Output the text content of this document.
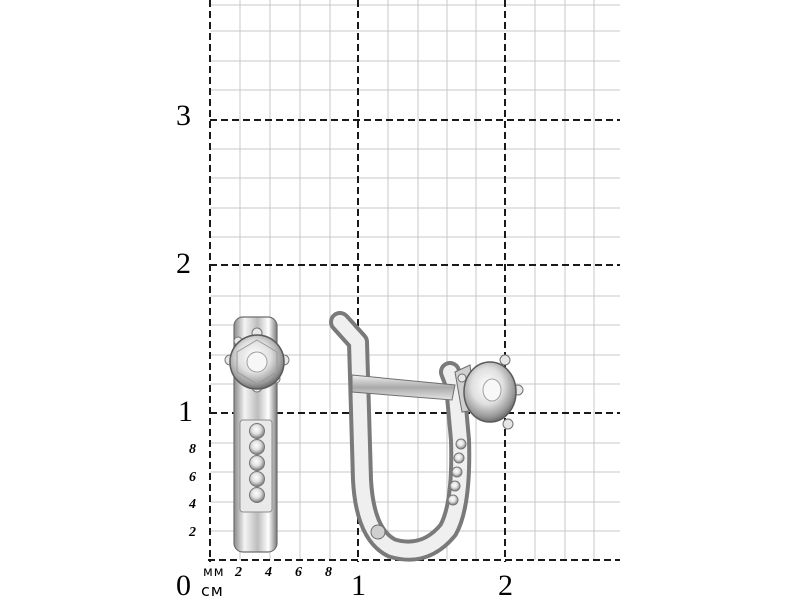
3
2
1
8
6
4
2
0 мм
см
2 4 6 8 1	2
